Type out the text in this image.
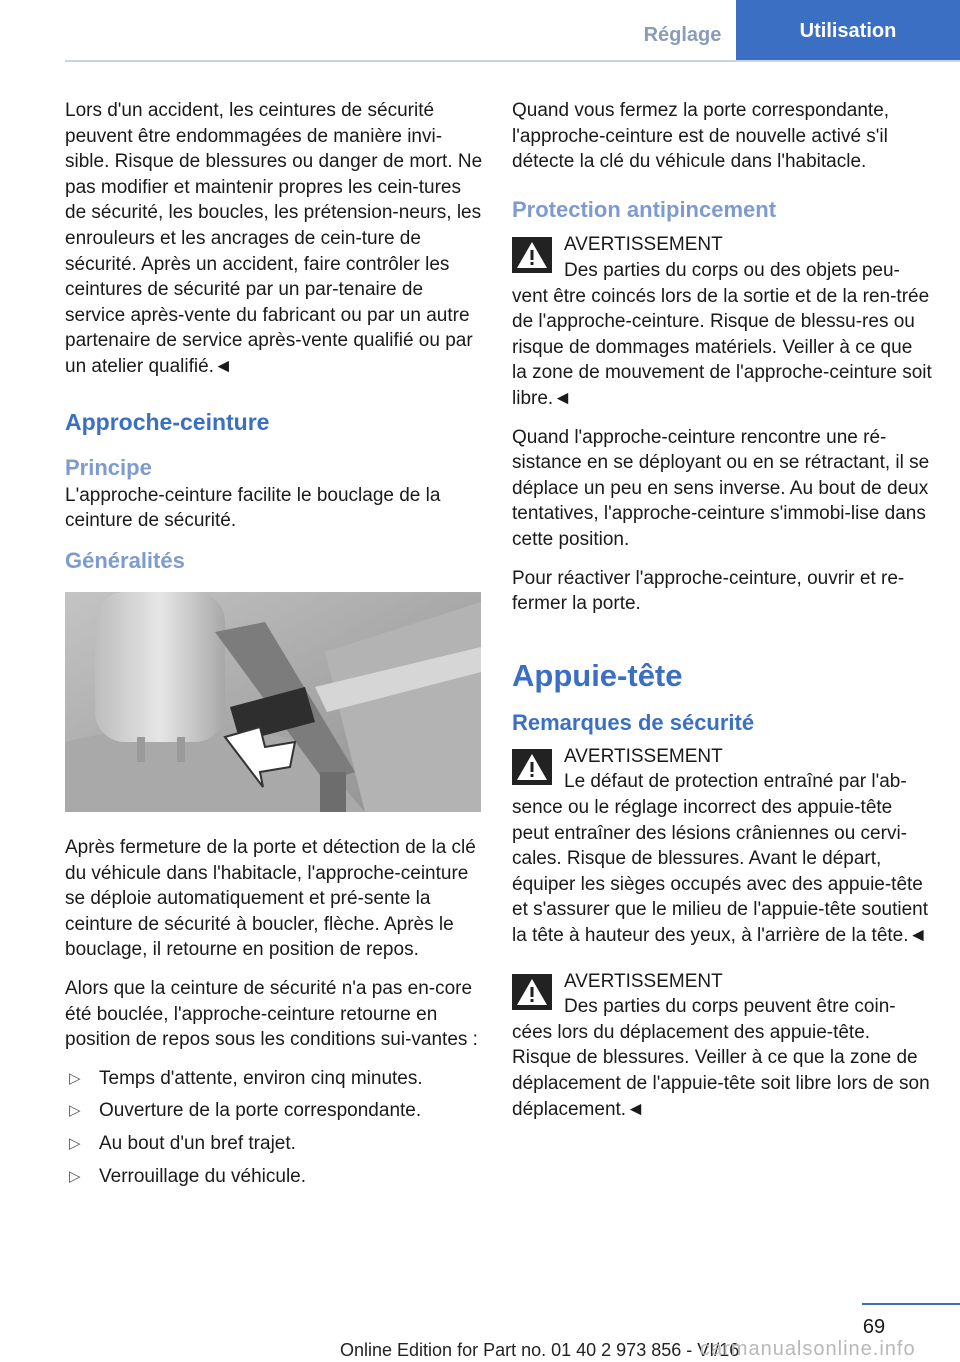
Réglage	Utilisation

Lors d'un accident, les ceintures de sécurité peuvent être endommagées de manière invi-sible. Risque de blessures ou danger de mort. Ne pas modifier et maintenir propres les cein-tures de sécurité, les boucles, les prétension-neurs, les enrouleurs et les ancrages de cein-ture de sécurité. Après un accident, faire contrôler les ceintures de sécurité par un par-tenaire de service après-vente du fabricant ou par un autre partenaire de service après-vente qualifié ou par un atelier qualifié.◄

Approche-ceinture
Principe

L'approche-ceinture facilite le bouclage de la ceinture de sécurité.

Généralités

Après fermeture de la porte et détection de la clé du véhicule dans l'habitacle, l'approche-ceinture se déploie automatiquement et pré-sente la ceinture de sécurité à boucler, flèche. Après le bouclage, il retourne en position de repos.

Alors que la ceinture de sécurité n'a pas en-core été bouclée, l'approche-ceinture retourne en position de repos sous les conditions sui-vantes :

▷ Temps d'attente, environ cinq minutes.
▷ Ouverture de la porte correspondante.
▷ Au bout d'un bref trajet.
▷ Verrouillage du véhicule.

Quand vous fermez la porte correspondante, l'approche-ceinture est de nouvelle activé s'il détecte la clé du véhicule dans l'habitacle.

Protection antipincement
AVERTISSEMENT
Des parties du corps ou des objets peu-vent être coincés lors de la sortie et de la ren-trée de l'approche-ceinture. Risque de blessu-res ou risque de dommages matériels. Veiller à ce que la zone de mouvement de l'approche-ceinture soit libre.◄

Quand l'approche-ceinture rencontre une ré-sistance en se déployant ou en se rétractant, il se déplace un peu en sens inverse. Au bout de deux tentatives, l'approche-ceinture s'immobi-lise dans cette position.

Pour réactiver l'approche-ceinture, ouvrir et re-fermer la porte.

Appuie-tête
Remarques de sécurité
AVERTISSEMENT
Le défaut de protection entraîné par l'ab-sence ou le réglage incorrect des appuie-tête peut entraîner des lésions crâniennes ou cervi-cales. Risque de blessures. Avant le départ, équiper les sièges occupés avec des appuie-tête et s'assurer que le milieu de l'appuie-tête soutient la tête à hauteur des yeux, à l'arrière de la tête.◄
AVERTISSEMENT
Des parties du corps peuvent être coin-cées lors du déplacement des appuie-tête. Risque de blessures. Veiller à ce que la zone de déplacement de l'appuie-tête soit libre lors de son déplacement.◄
69
Online Edition for Part no. 01 40 2 973 856 - VI/16
carmanualsonline.info
